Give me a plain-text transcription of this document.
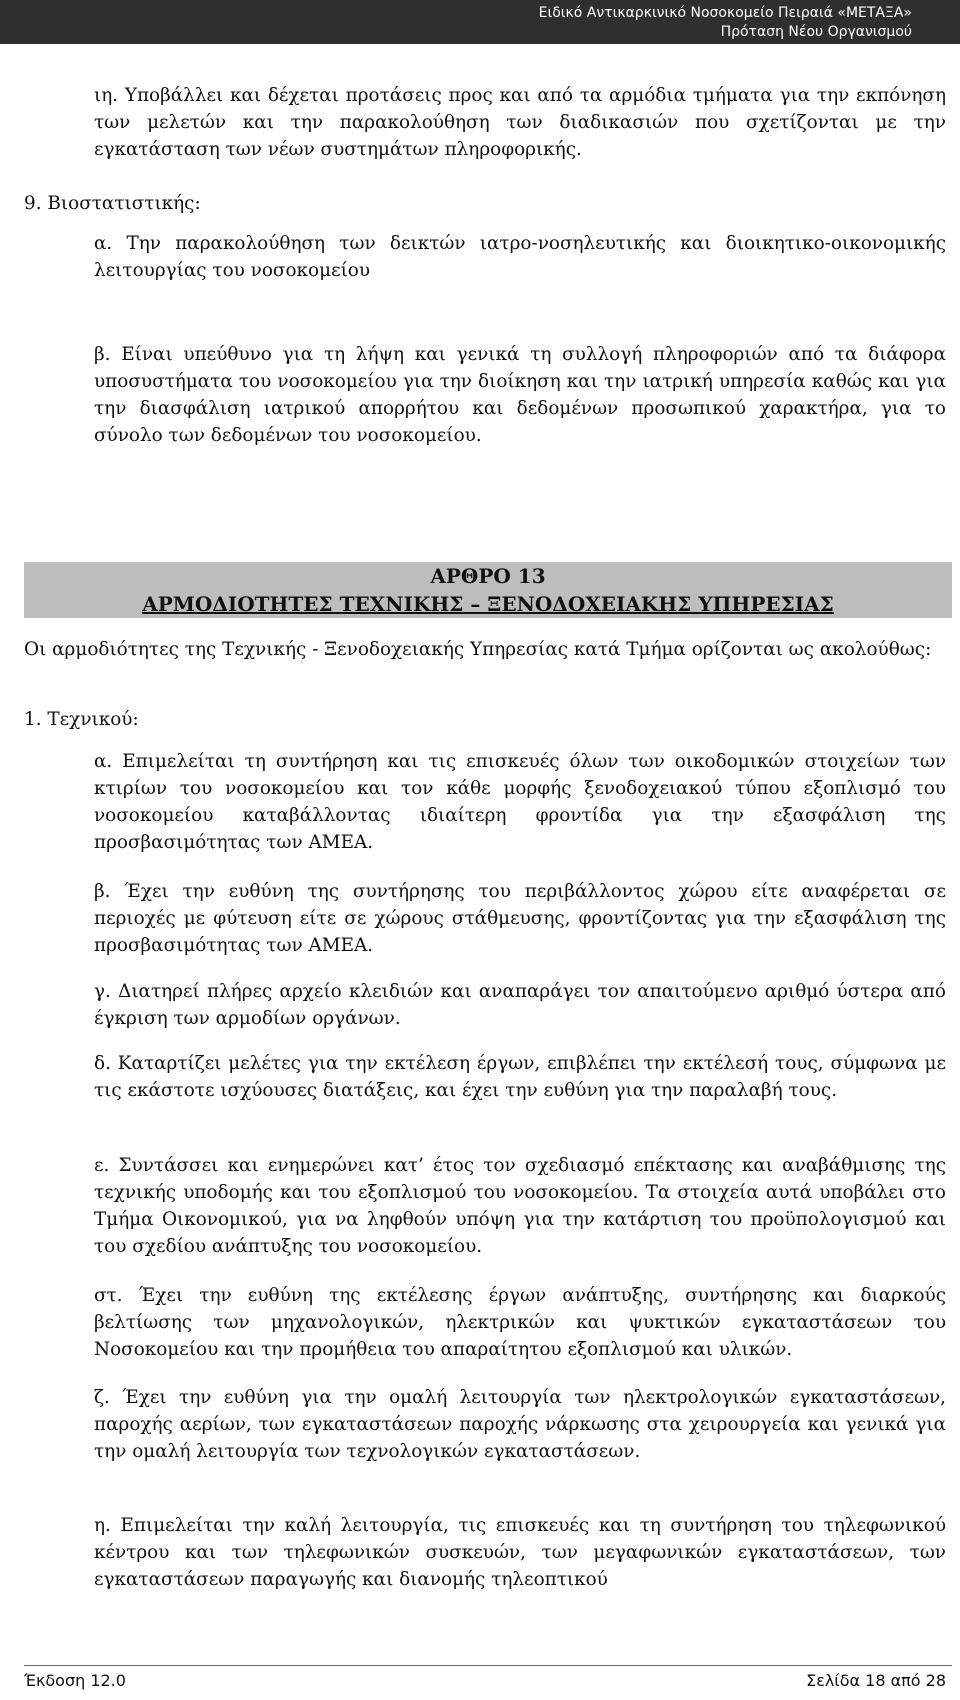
Ειδικό Αντικαρκινικό Νοσοκομείο Πειραιά «ΜΕΤΑΞΑ»
Πρόταση Νέου Οργανισμού

ιη. Υποβάλλει και δέχεται προτάσεις προς και από τα αρμόδια τμήματα για την εκπόνηση των μελετών και την παρακολούθηση των διαδικασιών που σχετίζονται με την εγκατάσταση των νέων συστημάτων πληροφορικής.

9. Βιοστατιστικής:

α. Την παρακολούθηση των δεικτών ιατρο-νοσηλευτικής και διοικητικο-οικονομικής λειτουργίας του νοσοκομείου

β. Είναι υπεύθυνο για τη λήψη και γενικά τη συλλογή πληροφοριών από τα διάφορα υποσυστήματα του νοσοκομείου για την διοίκηση και την ιατρική υπηρεσία καθώς και για την διασφάλιση ιατρικού απορρήτου και δεδομένων προσωπικού χαρακτήρα, για το σύνολο των δεδομένων του νοσοκομείου.

ΑΡΘΡΟ 13

ΑΡΜΟΔΙΟΤΗΤΕΣ ΤΕΧΝΙΚΗΣ – ΞΕΝΟΔΟΧΕΙΑΚΗΣ ΥΠΗΡΕΣΙΑΣ

Οι αρμοδιότητες της Τεχνικής - Ξενοδοχειακής Υπηρεσίας κατά Τμήμα ορίζονται ως ακολούθως:

1. Τεχνικού:

α. Επιμελείται τη συντήρηση και τις επισκευές όλων των οικοδομικών στοιχείων των κτιρίων του νοσοκομείου και τον κάθε μορφής ξενοδοχειακού τύπου εξοπλισμό του νοσοκομείου καταβάλλοντας ιδιαίτερη φροντίδα για την εξασφάλιση της προσβασιμότητας των ΑΜΕΑ.

β. Έχει την ευθύνη της συντήρησης του περιβάλλοντος χώρου είτε αναφέρεται σε περιοχές με φύτευση είτε σε χώρους στάθμευσης, φροντίζοντας για την εξασφάλιση της προσβασιμότητας των ΑΜΕΑ.

γ. Διατηρεί πλήρες αρχείο κλειδιών και αναπαράγει τον απαιτούμενο αριθμό ύστερα από έγκριση των αρμοδίων οργάνων.

δ. Καταρτίζει μελέτες για την εκτέλεση έργων, επιβλέπει την εκτέλεσή τους, σύμφωνα με τις εκάστοτε ισχύουσες διατάξεις, και έχει την ευθύνη για την παραλαβή τους.

ε. Συντάσσει και ενημερώνει κατ’ έτος τον σχεδιασμό επέκτασης και αναβάθμισης της τεχνικής υποδομής και του εξοπλισμού του νοσοκομείου. Τα στοιχεία αυτά υποβάλει στο Τμήμα Οικονομικού, για να ληφθούν υπόψη για την κατάρτιση του προϋπολογισμού και του σχεδίου ανάπτυξης του νοσοκομείου.

στ. Έχει την ευθύνη της εκτέλεσης έργων ανάπτυξης, συντήρησης και διαρκούς βελτίωσης των μηχανολογικών, ηλεκτρικών και ψυκτικών εγκαταστάσεων του Νοσοκομείου και την προμήθεια του απαραίτητου εξοπλισμού και υλικών.

ζ. Έχει την ευθύνη για την ομαλή λειτουργία των ηλεκτρολογικών εγκαταστάσεων, παροχής αερίων, των εγκαταστάσεων παροχής νάρκωσης στα χειρουργεία και γενικά για την ομαλή λειτουργία των τεχνολογικών εγκαταστάσεων.

η. Επιμελείται την καλή λειτουργία, τις επισκευές και τη συντήρηση του τηλεφωνικού κέντρου και των τηλεφωνικών συσκευών, των μεγαφωνικών εγκαταστάσεων, των εγκαταστάσεων παραγωγής και διανομής τηλεοπτικού

Έκδοση 12.0	Σελίδα 18 από 28
